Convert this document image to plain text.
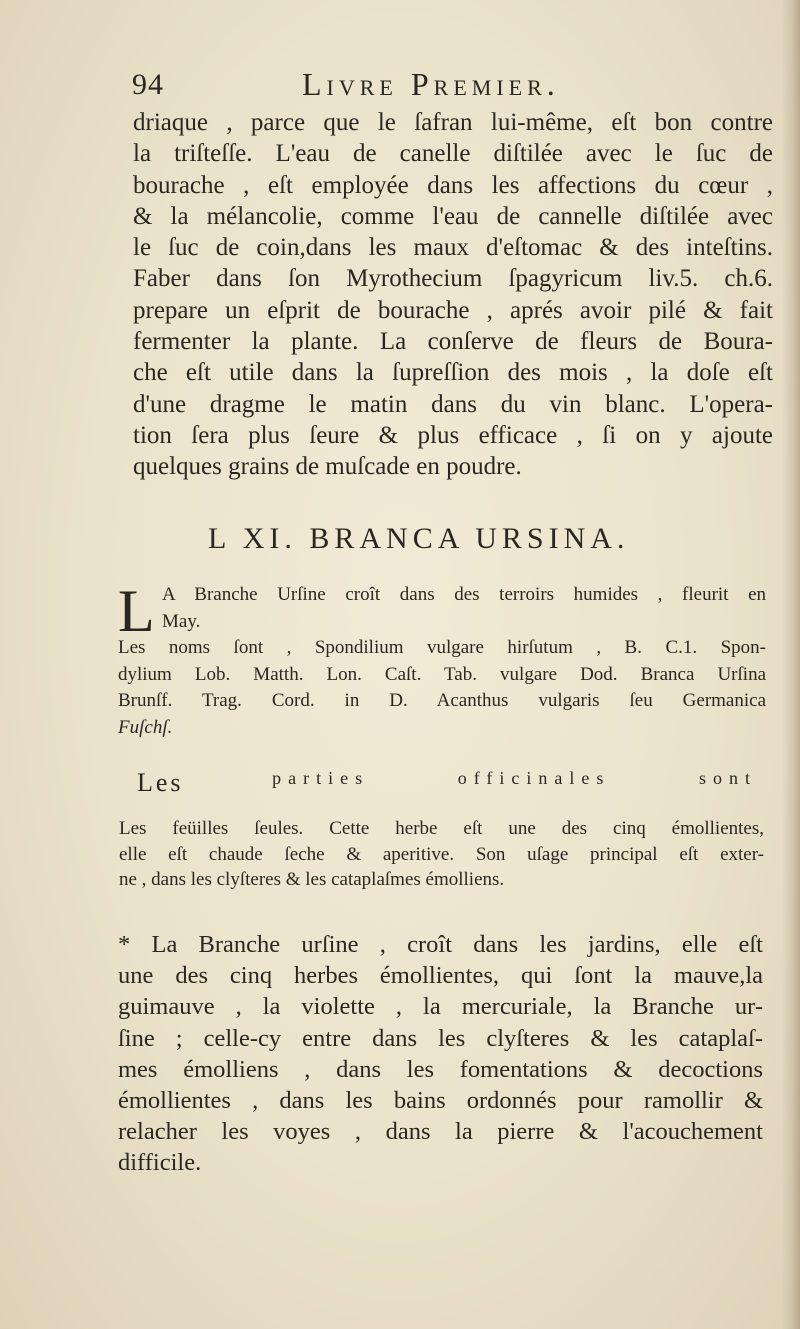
94	Livre Premier.
driaque , parce que le ſafran lui-même, eſt bon contre
la triſteſſe. L'eau de canelle diſtilée avec le ſuc de
bourache , eſt employée dans les affections du cœur ,
& la mélancolie, comme l'eau de cannelle diſtilée avec
le ſuc de coin,dans les maux d'eſtomac & des inteſtins.
Faber dans ſon Myrothecium ſpagyricum liv.5. ch.6.
prepare un eſprit de bourache , aprés avoir pilé & fait
fermenter la plante. La conſerve de fleurs de Boura-
che eſt utile dans la ſupreſſion des mois , la doſe eſt
d'une dragme le matin dans du vin blanc. L'opera-
tion ſera plus ſeure & plus efficace , ſi on y ajoute
quelques grains de muſcade en poudre.
L XI. BRANCA URSINA.
L A Branche Urſine croît dans des terroirs humides , fleurit en
May.
Les noms ſont , Spondilium vulgare hirſutum , B. C.1. Spon-
dylium Lob. Matth. Lon. Caſt. Tab. vulgare Dod. Branca Urſina
Brunſf. Trag. Cord. in D. Acanthus vulgaris ſeu Germanica
Fuſchſ.
Les	parties	officinales	sont
Les feüilles ſeules. Cette herbe eſt une des cinq émollientes,
elle eſt chaude ſeche & aperitive. Son uſage principal eſt exter-
ne , dans les clyſteres & les cataplaſmes émolliens.
* La Branche urſine , croît dans les jardins, elle eſt
une des cinq herbes émollientes, qui ſont la mauve,la
guimauve , la violette , la mercuriale, la Branche ur-
ſine ; celle-cy entre dans les clyſteres & les cataplaſ-
mes émolliens , dans les fomentations & decoctions
émollientes , dans les bains ordonnés pour ramollir &
relacher les voyes , dans la pierre & l'acouchement
difficile.
